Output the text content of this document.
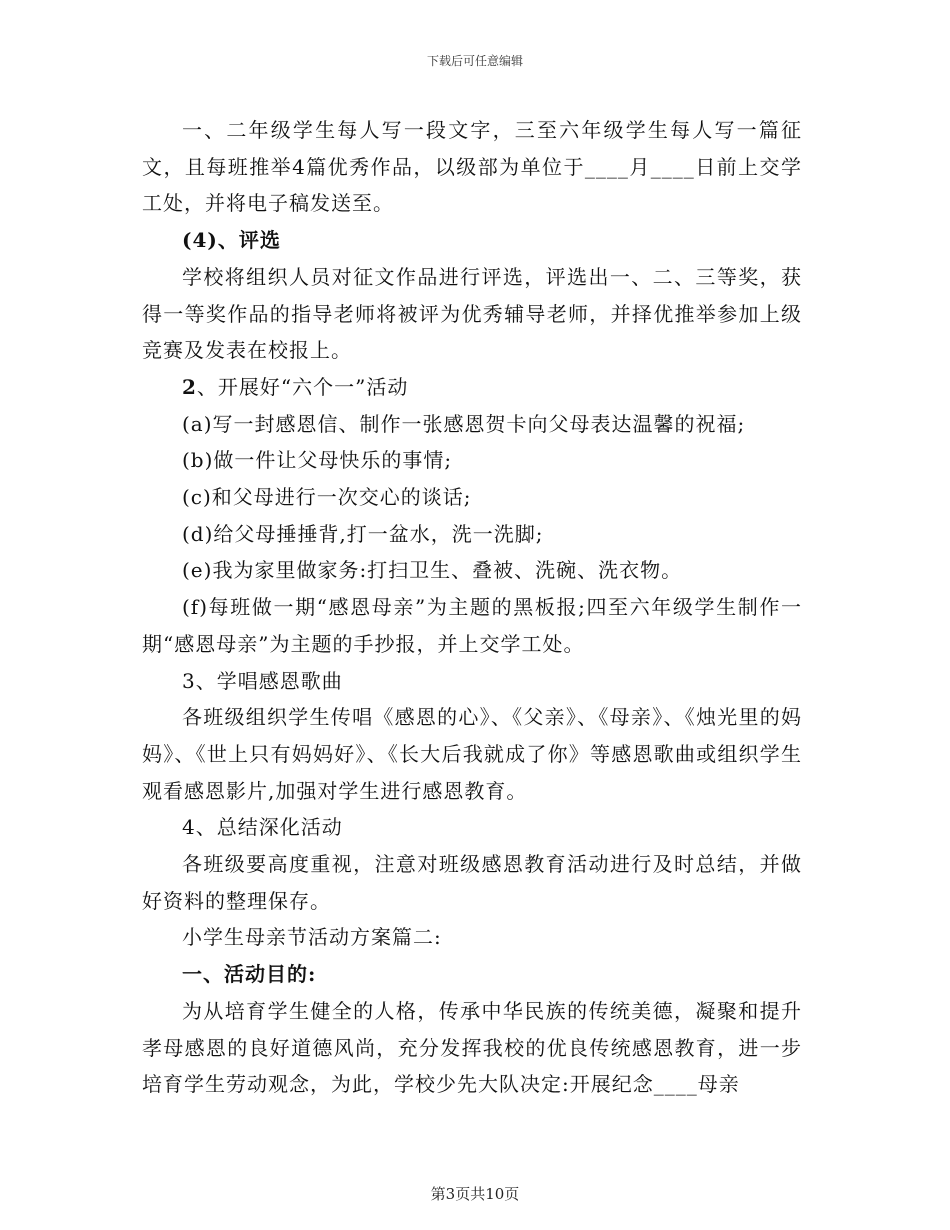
下载后可任意编辑

一、二年级学生每人写一段文字，三至六年级学生每人写一篇征文，且每班推举4篇优秀作品，以级部为单位于____月____日前上交学工处，并将电子稿发送至。

(4)、评选

学校将组织人员对征文作品进行评选，评选出一、二、三等奖，获得一等奖作品的指导老师将被评为优秀辅导老师，并择优推举参加上级竞赛及发表在校报上。

2、开展好“六个一”活动

(a)写一封感恩信、制作一张感恩贺卡向父母表达温馨的祝福;

(b)做一件让父母快乐的事情;

(c)和父母进行一次交心的谈话;

(d)给父母捶捶背,打一盆水，洗一洗脚;

(e)我为家里做家务:打扫卫生、叠被、洗碗、洗衣物。

(f)每班做一期“感恩母亲”为主题的黑板报;四至六年级学生制作一期“感恩母亲”为主题的手抄报，并上交学工处。

3、学唱感恩歌曲

各班级组织学生传唱《感恩的心》、《父亲》、《母亲》、《烛光里的妈妈》、《世上只有妈妈好》、《长大后我就成了你》等感恩歌曲或组织学生观看感恩影片,加强对学生进行感恩教育。

4、总结深化活动

各班级要高度重视，注意对班级感恩教育活动进行及时总结，并做好资料的整理保存。

小学生母亲节活动方案篇二:

一、活动目的:

为从培育学生健全的人格，传承中华民族的传统美德，凝聚和提升孝母感恩的良好道德风尚，充分发挥我校的优良传统感恩教育，进一步培育学生劳动观念，为此，学校少先大队决定:开展纪念____母亲

第3页共10页
